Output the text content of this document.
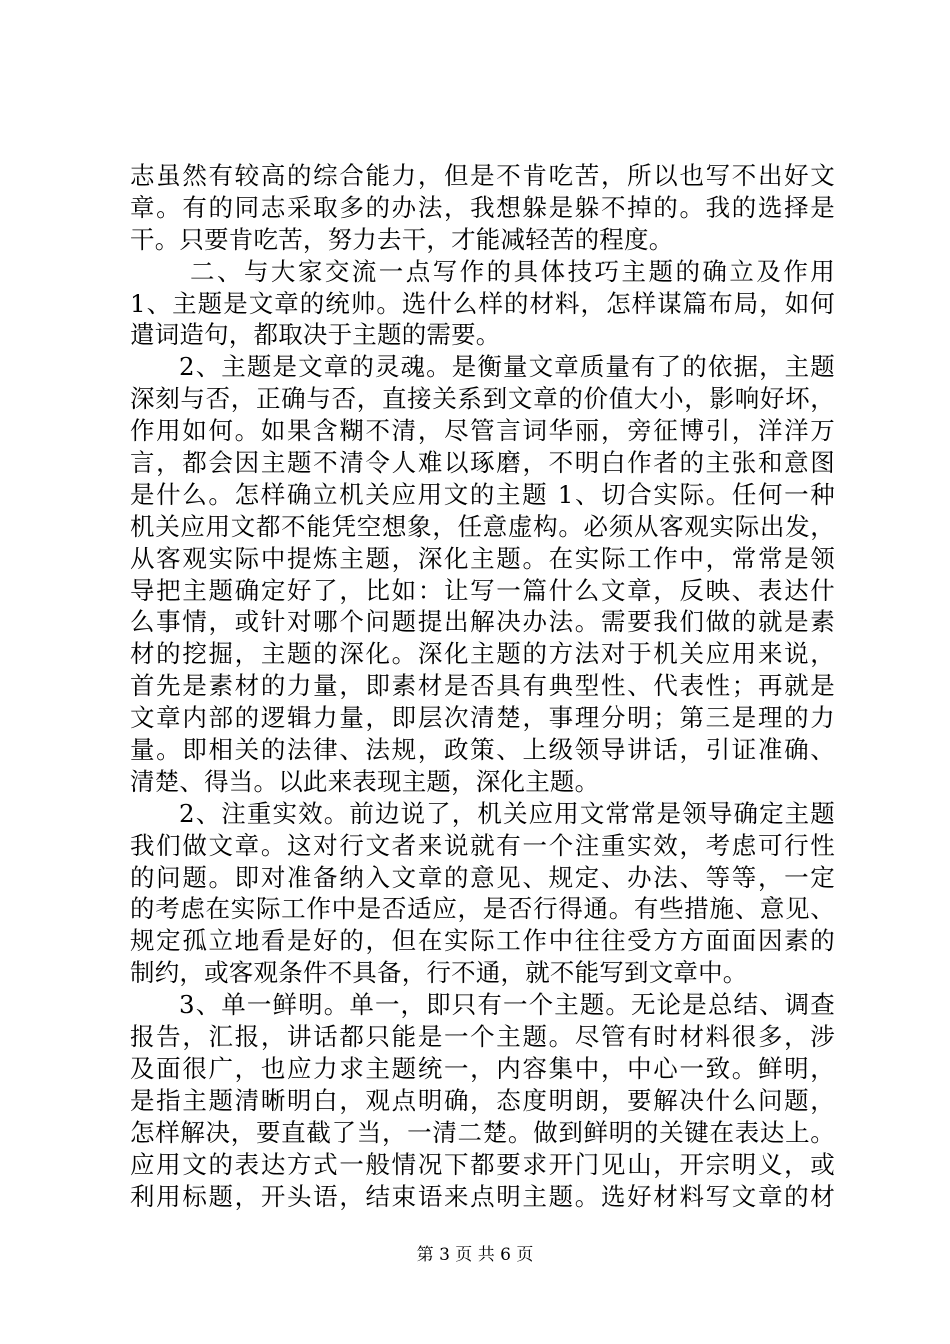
志虽然有较高的综合能力，但是不肯吃苦，所以也写不出好文
章。有的同志采取多的办法，我想躲是躲不掉的。我的选择是
干。只要肯吃苦，努力去干，才能减轻苦的程度。
二、与大家交流一点写作的具体技巧主题的确立及作用
1、主题是文章的统帅。选什么样的材料，怎样谋篇布局，如何
遣词造句，都取决于主题的需要。
2、主题是文章的灵魂。是衡量文章质量有了的依据，主题
深刻与否，正确与否，直接关系到文章的价值大小，影响好坏，
作用如何。如果含糊不清，尽管言词华丽，旁征博引，洋洋万
言，都会因主题不清令人难以琢磨，不明白作者的主张和意图
是什么。怎样确立机关应用文的主题 1、切合实际。任何一种
机关应用文都不能凭空想象，任意虚构。必须从客观实际出发，
从客观实际中提炼主题，深化主题。在实际工作中，常常是领
导把主题确定好了，比如：让写一篇什么文章，反映、表达什
么事情，或针对哪个问题提出解决办法。需要我们做的就是素
材的挖掘，主题的深化。深化主题的方法对于机关应用来说，
首先是素材的力量，即素材是否具有典型性、代表性；再就是
文章内部的逻辑力量，即层次清楚，事理分明；第三是理的力
量。即相关的法律、法规，政策、上级领导讲话，引证准确、
清楚、得当。以此来表现主题，深化主题。
2、注重实效。前边说了，机关应用文常常是领导确定主题
我们做文章。这对行文者来说就有一个注重实效，考虑可行性
的问题。即对准备纳入文章的意见、规定、办法、等等，一定
的考虑在实际工作中是否适应，是否行得通。有些措施、意见、
规定孤立地看是好的，但在实际工作中往往受方方面面因素的
制约，或客观条件不具备，行不通，就不能写到文章中。
3、单一鲜明。单一，即只有一个主题。无论是总结、调查
报告，汇报，讲话都只能是一个主题。尽管有时材料很多，涉
及面很广，也应力求主题统一，内容集中，中心一致。鲜明，
是指主题清晰明白，观点明确，态度明朗，要解决什么问题，
怎样解决，要直截了当，一清二楚。做到鲜明的关键在表达上。
应用文的表达方式一般情况下都要求开门见山，开宗明义，或
利用标题，开头语，结束语来点明主题。选好材料写文章的材
第 3 页 共 6 页
